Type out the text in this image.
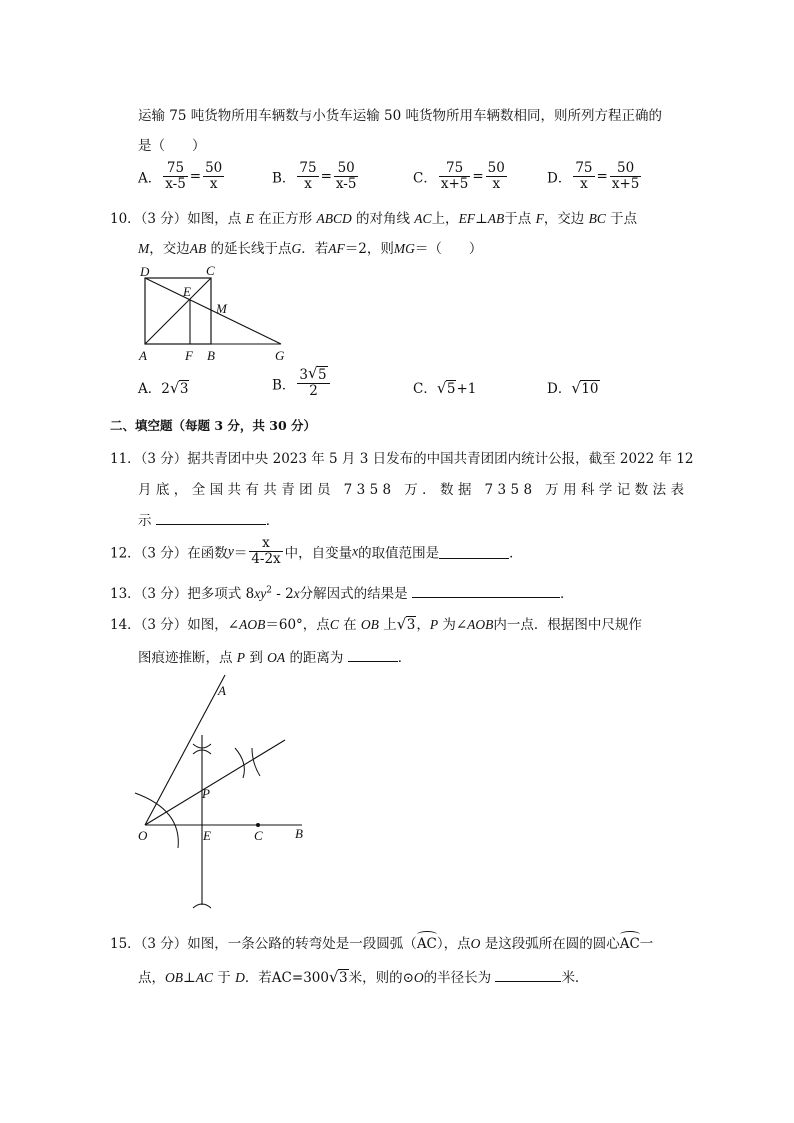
运输 75 吨货物所用车辆数与小货车运输 50 吨货物所用车辆数相同，则所列方程正确的
是（　　）
A． $\frac{75}{x-5} = \frac{50}{x}$	B． $\frac{75}{x} = \frac{50}{x-5}$	C． $\frac{75}{x+5} = \frac{50}{x}$	D． $\frac{75}{x} = \frac{50}{x+5}$
10．（3 分）如图，点 E 在正方形 ABCD 的对角线 AC上，EF⊥AB于点 F，交边 BC 于点
M，交边AB 的延长线于点G．若AF＝2，则MG＝（　　）
D	C
E
M
A	F B	G
A．2 √ 3	B． $\frac{3 √ 5}{2}$	C． √ 5+1	D． √ 10
二、填空题（每题 3 分，共 30 分）
11．（3 分）据共青团中央 2023 年 5 月 3 日发布的中国共青团团内统计公报，截至 2022 年 12
月底，全国共有共青团员 7358 万．数据 7358 万用科学记数法表
示	．
12．（3 分）在函数$y= \frac{x}{4-2x}$ 中，自变量x的取值范围是	．
13．（3 分）把多项式 $8xy^2 - 2x$分解因式的结果是	．
14．（3 分）如图，∠AOB＝60°，点C 在 OB 上 √ 3，P 为∠AOB内一点．根据图中尺规作
图痕迹推断，点 P 到 OA 的距离为	．
A
P
O	E	C B
15．（3 分）如图，一条公路的转弯处是一段圆弧（AC），点O 是这段弧所在圆的圆心AC一
点，OB⊥AC 于 D．若AC=300 √ 3米，则的⊙O的半径长为	米．
